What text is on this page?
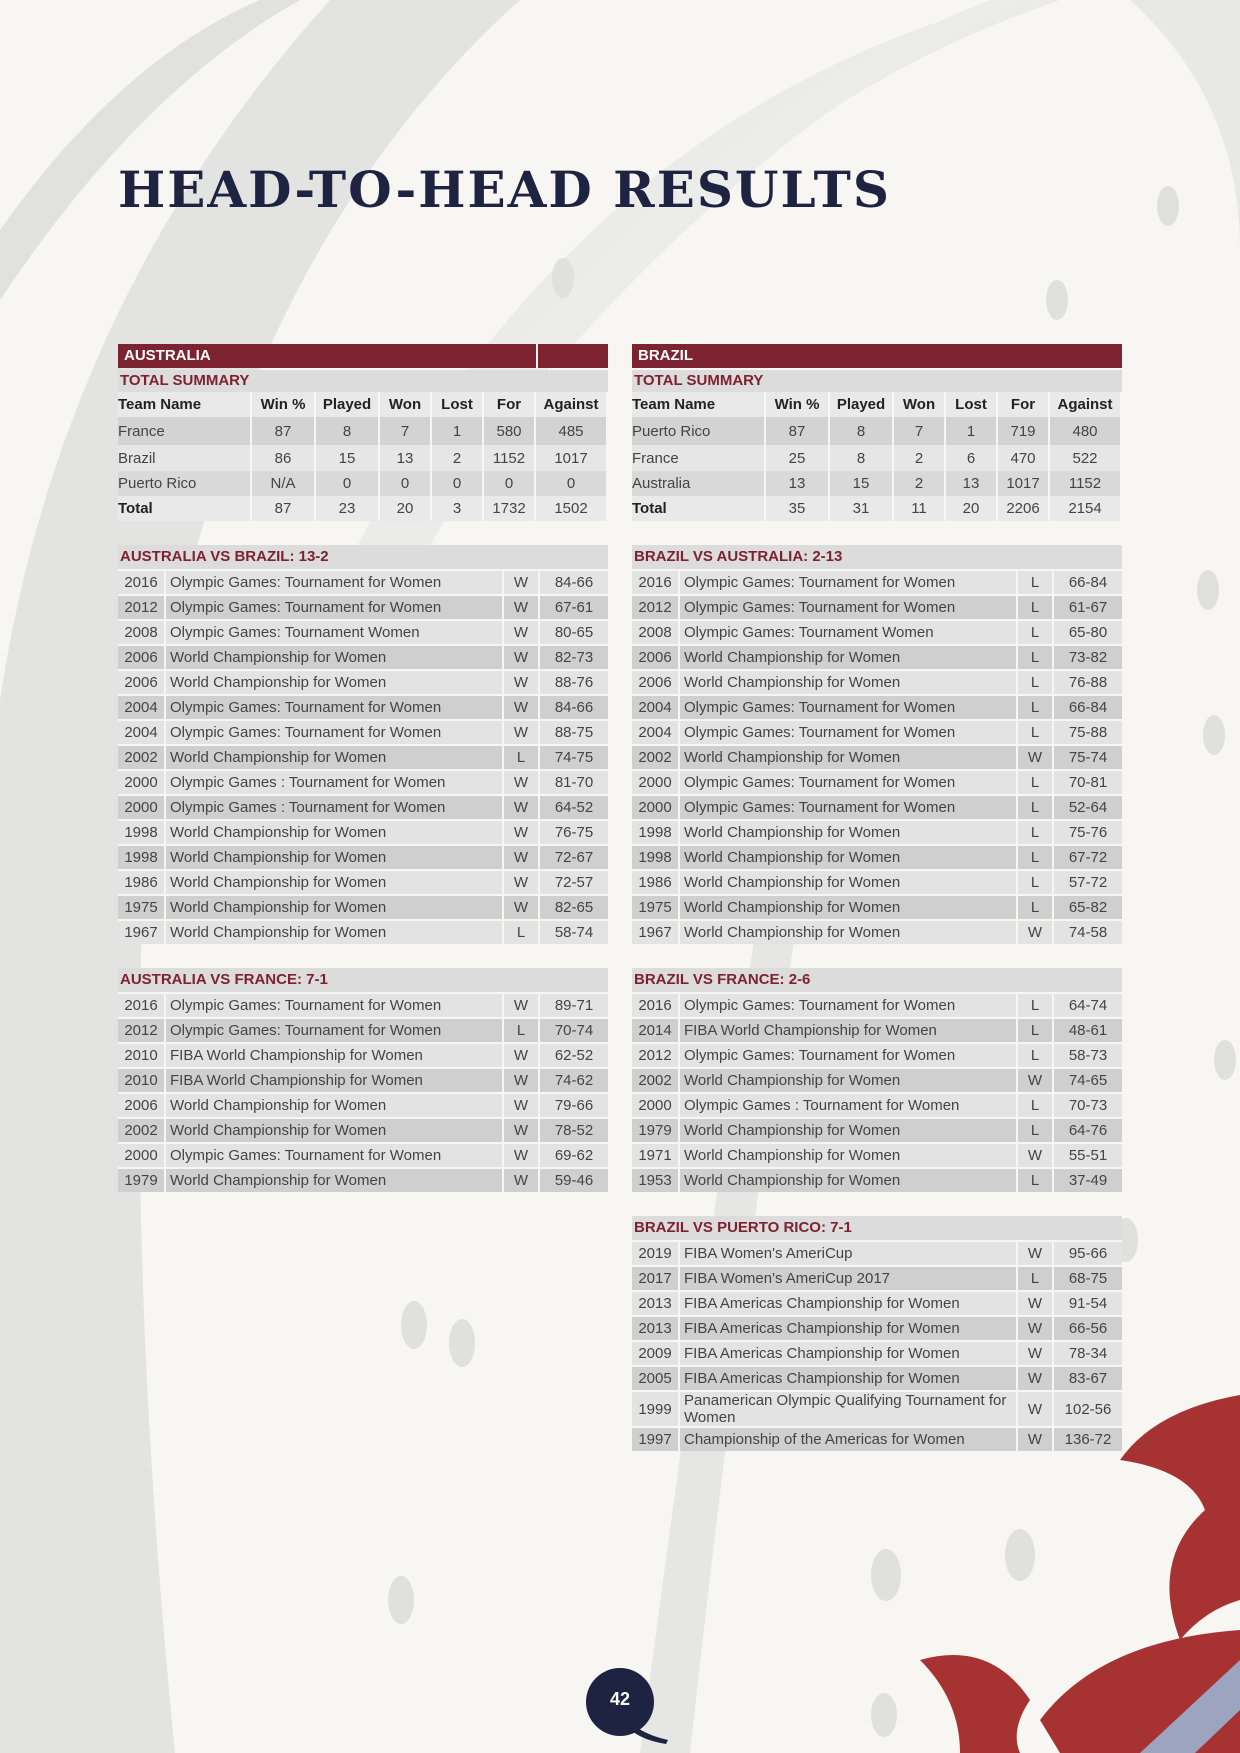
HEAD-TO-HEAD RESULTS
AUSTRALIA
TOTAL SUMMARY
Team Name	Win %	Played	Won	Lost	For	Against
France	87	8	7	1	580	485
Brazil	86	15	13	2	1152	1017
Puerto Rico	N/A	0	0	0	0	0
Total	87	23	20	3	1732	1502
AUSTRALIA VS BRAZIL: 13-2
2016	Olympic Games: Tournament for Women	W	84-66
2012	Olympic Games: Tournament for Women	W	67-61
2008	Olympic Games: Tournament Women	W	80-65
2006	World Championship for Women	W	82-73
2006	World Championship for Women	W	88-76
2004	Olympic Games: Tournament for Women	W	84-66
2004	Olympic Games: Tournament for Women	W	88-75
2002	World Championship for Women	L	74-75
2000	Olympic Games : Tournament for Women	W	81-70
2000	Olympic Games : Tournament for Women	W	64-52
1998	World Championship for Women	W	76-75
1998	World Championship for Women	W	72-67
1986	World Championship for Women	W	72-57
1975	World Championship for Women	W	82-65
1967	World Championship for Women	L	58-74
AUSTRALIA VS FRANCE: 7-1
2016	Olympic Games: Tournament for Women	W	89-71
2012	Olympic Games: Tournament for Women	L	70-74
2010	FIBA World Championship for Women	W	62-52
2010	FIBA World Championship for Women	W	74-62
2006	World Championship for Women	W	79-66
2002	World Championship for Women	W	78-52
2000	Olympic Games: Tournament for Women	W	69-62
1979	World Championship for Women	W	59-46
BRAZIL
TOTAL SUMMARY
Team Name	Win %	Played	Won	Lost	For	Against
Puerto Rico	87	8	7	1	719	480
France	25	8	2	6	470	522
Australia	13	15	2	13	1017	1152
Total	35	31	11	20	2206	2154
BRAZIL VS AUSTRALIA: 2-13
2016	Olympic Games: Tournament for Women	L	66-84
2012	Olympic Games: Tournament for Women	L	61-67
2008	Olympic Games: Tournament Women	L	65-80
2006	World Championship for Women	L	73-82
2006	World Championship for Women	L	76-88
2004	Olympic Games: Tournament for Women	L	66-84
2004	Olympic Games: Tournament for Women	L	75-88
2002	World Championship for Women	W	75-74
2000	Olympic Games: Tournament for Women	L	70-81
2000	Olympic Games: Tournament for Women	L	52-64
1998	World Championship for Women	L	75-76
1998	World Championship for Women	L	67-72
1986	World Championship for Women	L	57-72
1975	World Championship for Women	L	65-82
1967	World Championship for Women	W	74-58
BRAZIL VS FRANCE: 2-6
2016	Olympic Games: Tournament for Women	L	64-74
2014	FIBA World Championship for Women	L	48-61
2012	Olympic Games: Tournament for Women	L	58-73
2002	World Championship for Women	W	74-65
2000	Olympic Games : Tournament for Women	L	70-73
1979	World Championship for Women	L	64-76
1971	World Championship for Women	W	55-51
1953	World Championship for Women	L	37-49
BRAZIL VS PUERTO RICO: 7-1
2019	FIBA Women's AmeriCup	W	95-66
2017	FIBA Women's AmeriCup 2017	L	68-75
2013	FIBA Americas Championship for Women	W	91-54
2013	FIBA Americas Championship for Women	W	66-56
2009	FIBA Americas Championship for Women	W	78-34
2005	FIBA Americas Championship for Women	W	83-67
1999	Panamerican Olympic Qualifying Tournament for Women	W	102-56
1997	Championship of the Americas for Women	W	136-72
42
